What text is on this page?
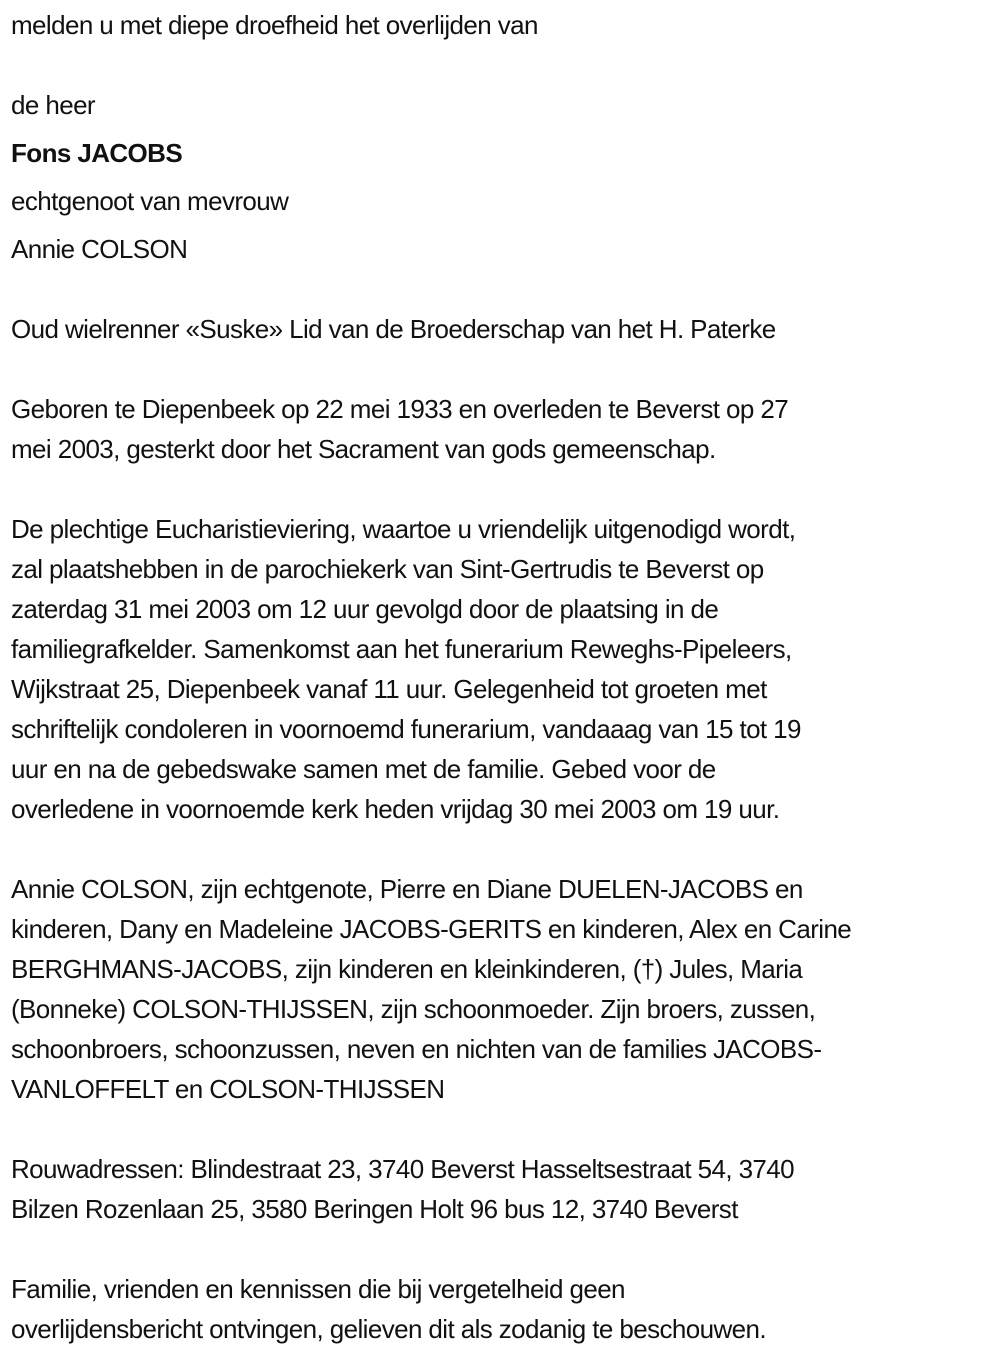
melden u met diepe droefheid het overlijden van
de heer
Fons JACOBS
echtgenoot van mevrouw
Annie COLSON
Oud wielrenner «Suske» Lid van de Broederschap van het H. Paterke
Geboren te Diepenbeek op 22 mei 1933 en overleden te Beverst op 27
mei 2003, gesterkt door het Sacrament van gods gemeenschap.
De plechtige Eucharistieviering, waartoe u vriendelijk uitgenodigd wordt,
zal plaatshebben in de parochiekerk van Sint-Gertrudis te Beverst op
zaterdag 31 mei 2003 om 12 uur gevolgd door de plaatsing in de
familiegrafkelder. Samenkomst aan het funerarium Reweghs-Pipeleers,
Wijkstraat 25, Diepenbeek vanaf 11 uur. Gelegenheid tot groeten met
schriftelijk condoleren in voornoemd funerarium, vandaaag van 15 tot 19
uur en na de gebedswake samen met de familie. Gebed voor de
overledene in voornoemde kerk heden vrijdag 30 mei 2003 om 19 uur.
Annie COLSON, zijn echtgenote, Pierre en Diane DUELEN-JACOBS en
kinderen, Dany en Madeleine JACOBS-GERITS en kinderen, Alex en Carine
BERGHMANS-JACOBS, zijn kinderen en kleinkinderen, (†) Jules, Maria
(Bonneke) COLSON-THIJSSEN, zijn schoonmoeder. Zijn broers, zussen,
schoonbroers, schoonzussen, neven en nichten van de families JACOBS-
VANLOFFELT en COLSON-THIJSSEN
Rouwadressen: Blindestraat 23, 3740 Beverst Hasseltsestraat 54, 3740
Bilzen Rozenlaan 25, 3580 Beringen Holt 96 bus 12, 3740 Beverst
Familie, vrienden en kennissen die bij vergetelheid geen
overlijdensbericht ontvingen, gelieven dit als zodanig te beschouwen.
